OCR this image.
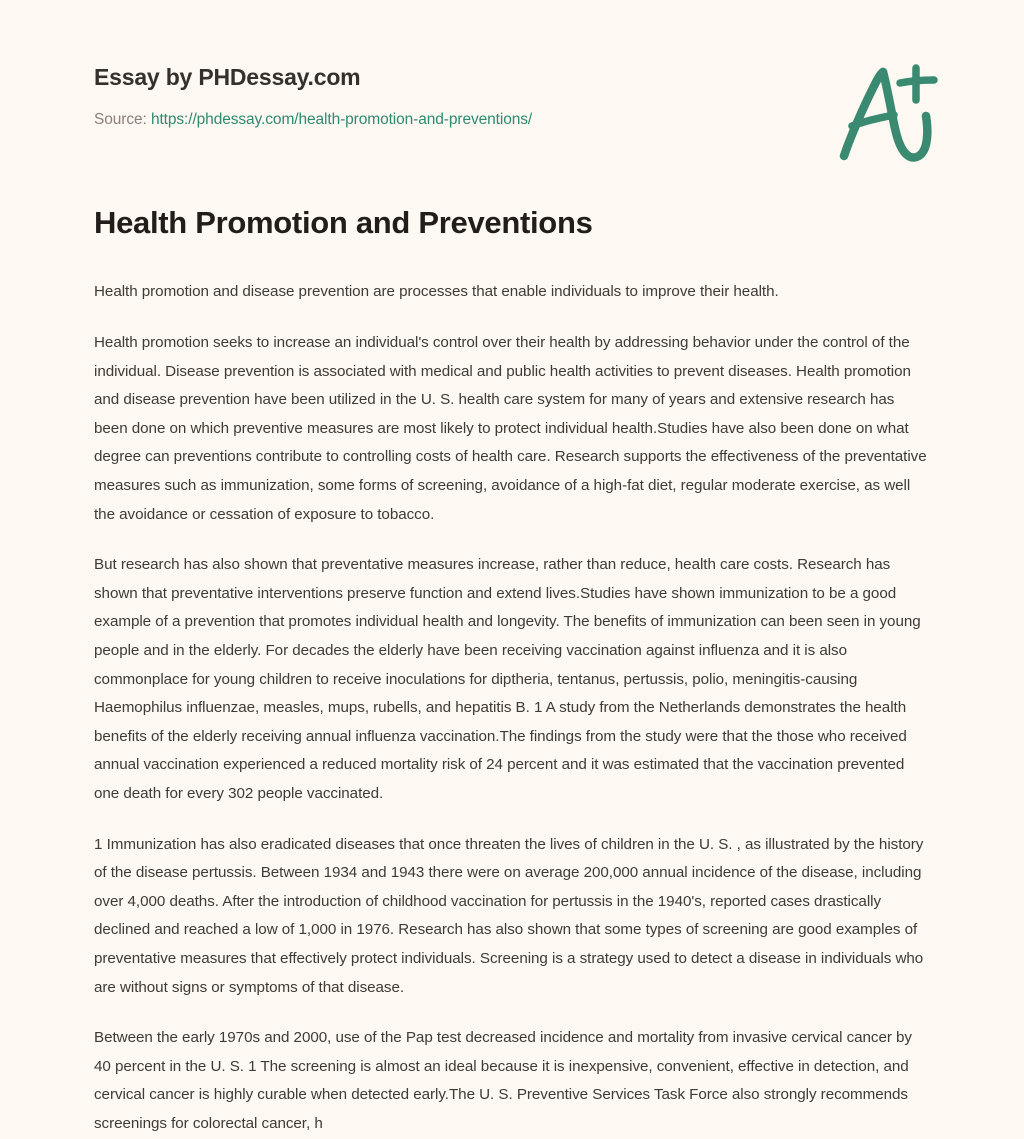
Essay by PHDessay.com
Source: https://phdessay.com/health-promotion-and-preventions/
Health Promotion and Preventions

Health promotion and disease prevention are processes that enable individuals to improve their health.

Health promotion seeks to increase an individual's control over their health by addressing behavior under the control of the individual. Disease prevention is associated with medical and public health activities to prevent diseases. Health promotion and disease prevention have been utilized in the U. S. health care system for many of years and extensive research has been done on which preventive measures are most likely to protect individual health.Studies have also been done on what degree can preventions contribute to controlling costs of health care. Research supports the effectiveness of the preventative measures such as immunization, some forms of screening, avoidance of a high-fat diet, regular moderate exercise, as well the avoidance or cessation of exposure to tobacco.

But research has also shown that preventative measures increase, rather than reduce, health care costs. Research has shown that preventative interventions preserve function and extend lives.Studies have shown immunization to be a good example of a prevention that promotes individual health and longevity. The benefits of immunization can been seen in young people and in the elderly. For decades the elderly have been receiving vaccination against influenza and it is also commonplace for young children to receive inoculations for diptheria, tentanus, pertussis, polio, meningitis-causing Haemophilus influenzae, measles, mups, rubells, and hepatitis B. 1 A study from the Netherlands demonstrates the health benefits of the elderly receiving annual influenza vaccination.The findings from the study were that the those who received annual vaccination experienced a reduced mortality risk of 24 percent and it was estimated that the vaccination prevented one death for every 302 people vaccinated.

1 Immunization has also eradicated diseases that once threaten the lives of children in the U. S. , as illustrated by the history of the disease pertussis. Between 1934 and 1943 there were on average 200,000 annual incidence of the disease, including over 4,000 deaths. After the introduction of childhood vaccination for pertussis in the 1940's, reported cases drastically declined and reached a low of 1,000 in 1976. Research has also shown that some types of screening are good examples of preventative measures that effectively protect individuals. Screening is a strategy used to detect a disease in individuals who are without signs or symptoms of that disease.

Between the early 1970s and 2000, use of the Pap test decreased incidence and mortality from invasive cervical cancer by 40 percent in the U. S. 1 The screening is almost an ideal because it is inexpensive, convenient, effective in detection, and cervical cancer is highly curable when detected early.The U. S. Preventive Services Task Force also strongly recommends screenings for colorectal cancer, h
